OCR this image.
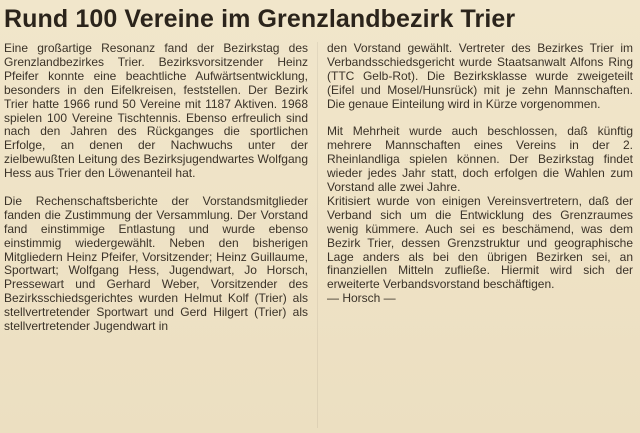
Rund 100 Vereine im Grenzlandbezirk Trier

Eine großartige Resonanz fand der Bezirkstag des Grenzlandbezirkes Trier. Bezirksvorsitzender Heinz Pfeifer konnte eine beachtliche Aufwärtsentwicklung, besonders in den Eifelkreisen, feststellen. Der Bezirk Trier hatte 1966 rund 50 Vereine mit 1187 Aktiven. 1968 spielen 100 Vereine Tischtennis. Ebenso erfreulich sind nach den Jahren des Rückganges die sportlichen Erfolge, an denen der Nachwuchs unter der zielbewußten Leitung des Bezirksjugendwartes Wolfgang Hess aus Trier den Löwenanteil hat.

Die Rechenschaftsberichte der Vorstandsmitglieder fanden die Zustimmung der Versammlung. Der Vorstand fand einstimmige Entlastung und wurde ebenso einstimmig wiedergewählt. Neben den bisherigen Mitgliedern Heinz Pfeifer, Vorsitzender; Heinz Guillaume, Sportwart; Wolfgang Hess, Jugendwart, Jo Horsch, Pressewart und Gerhard Weber, Vorsitzender des Bezirksschiedsgerichtes wurden Helmut Kolf (Trier) als stellvertretender Sportwart und Gerd Hilgert (Trier) als stellvertretender Jugendwart in

den Vorstand gewählt. Vertreter des Bezirkes Trier im Verbandsschiedsgericht wurde Staatsanwalt Alfons Ring (TTC Gelb-Rot). Die Bezirksklasse wurde zweigeteilt (Eifel und Mosel/Hunsrück) mit je zehn Mannschaften. Die genaue Einteilung wird in Kürze vorgenommen.

Mit Mehrheit wurde auch beschlossen, daß künftig mehrere Mannschaften eines Vereins in der 2. Rheinlandliga spielen können. Der Bezirkstag findet wieder jedes Jahr statt, doch erfolgen die Wahlen zum Vorstand alle zwei Jahre.

Kritisiert wurde von einigen Vereinsvertretern, daß der Verband sich um die Entwicklung des Grenzraumes wenig kümmere. Auch sei es beschämend, was dem Bezirk Trier, dessen Grenzstruktur und geographische Lage anders als bei den übrigen Bezirken sei, an finanziellen Mitteln zufließe. Hiermit wird sich der erweiterte Verbandsvorstand beschäftigen.

— Horsch —
